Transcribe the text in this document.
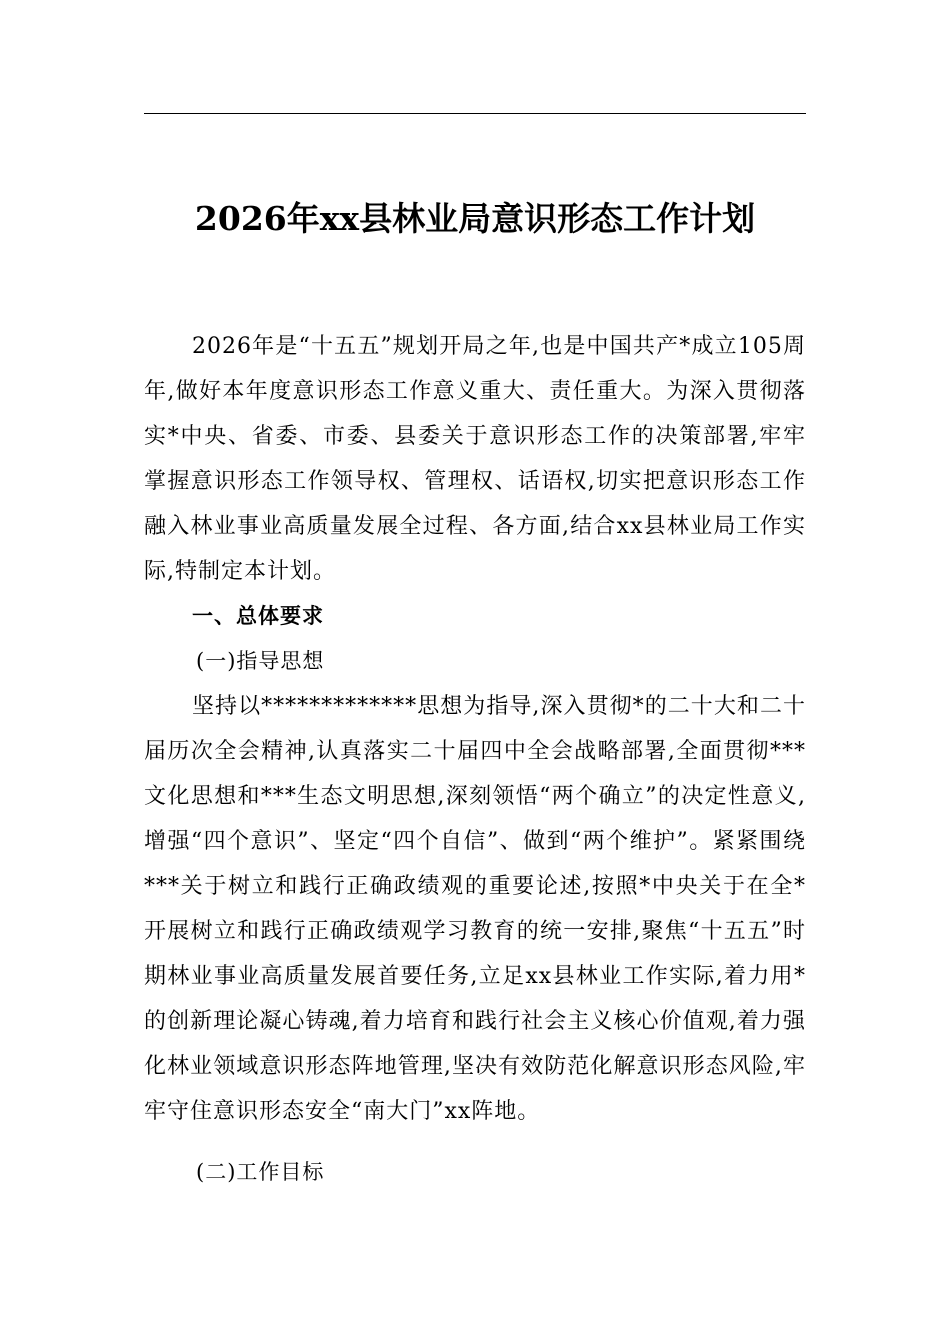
2026年xx县林业局意识形态工作计划

2026年是“十五五”规划开局之年,也是中国共产*成立105周年,做好本年度意识形态工作意义重大、责任重大。为深入贯彻落实*中央、省委、市委、县委关于意识形态工作的决策部署,牢牢掌握意识形态工作领导权、管理权、话语权,切实把意识形态工作融入林业事业高质量发展全过程、各方面,结合xx县林业局工作实际,特制定本计划。

一、总体要求
(一)指导思想

坚持以*************思想为指导,深入贯彻*的二十大和二十届历次全会精神,认真落实二十届四中全会战略部署,全面贯彻***文化思想和***生态文明思想,深刻领悟“两个确立”的决定性意义,增强“四个意识”、坚定“四个自信”、做到“两个维护”。紧紧围绕***关于树立和践行正确政绩观的重要论述,按照*中央关于在全*开展树立和践行正确政绩观学习教育的统一安排,聚焦“十五五”时期林业事业高质量发展首要任务,立足xx县林业工作实际,着力用*的创新理论凝心铸魂,着力培育和践行社会主义核心价值观,着力强化林业领域意识形态阵地管理,坚决有效防范化解意识形态风险,牢牢守住意识形态安全“南大门”xx阵地。

(二)工作目标
